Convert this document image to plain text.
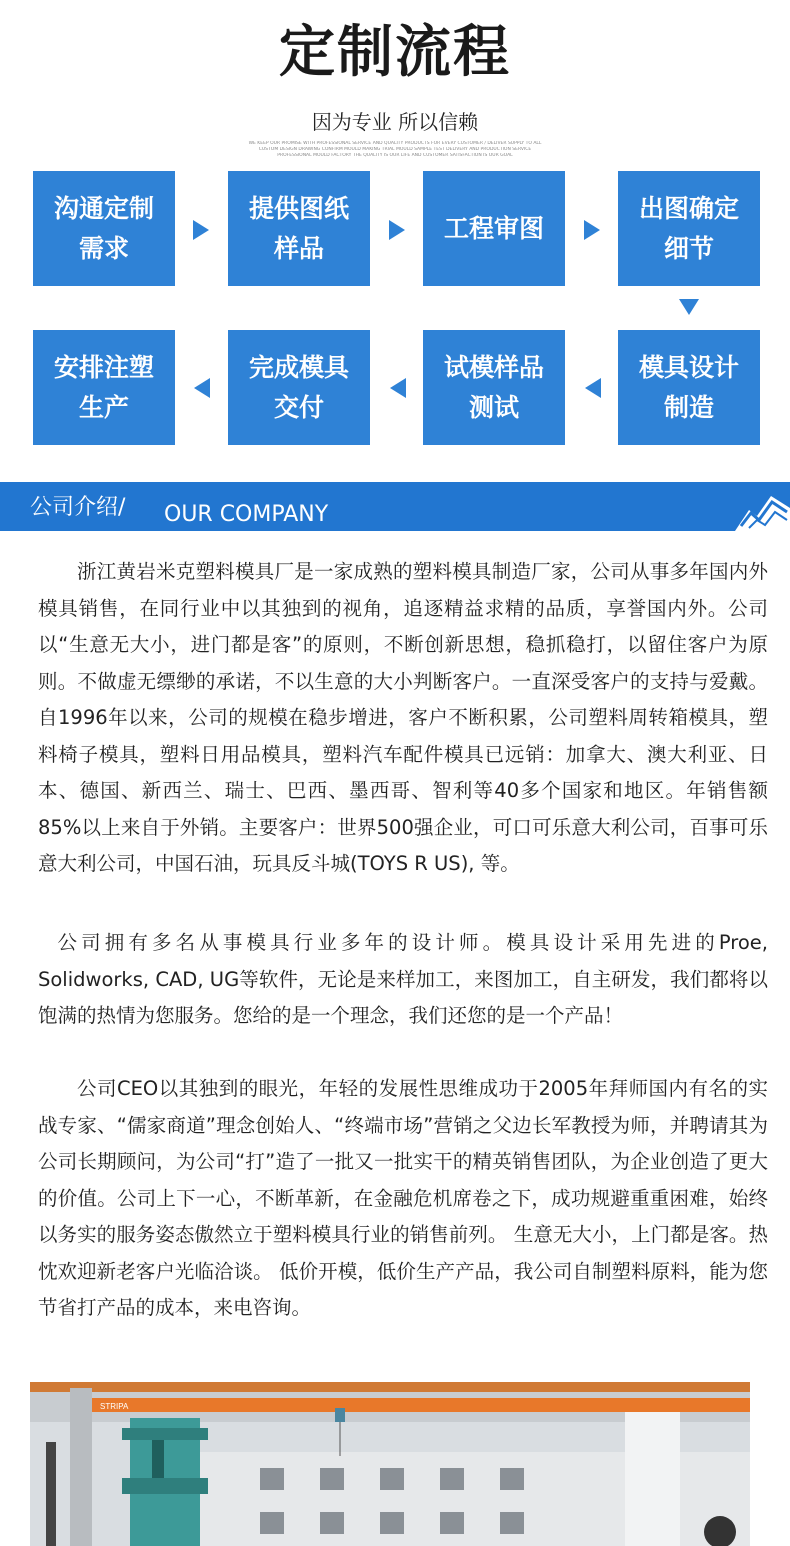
定制流程
因为专业 所以信赖
WE KEEP OUR PROMISE WITH PROFESSIONAL SERVICE AND QUALITY PRODUCTS FOR EVERY CUSTOMER / DELIVER SUPPLY TO ALL
CUSTOM DESIGN DRAWING CONFIRM MOULD MAKING TRIAL MOULD SAMPLE TEST DELIVERY AND PRODUCTION SERVICE
PROFESSIONAL MOULD FACTORY THE QUALITY IS OUR LIFE AND CUSTOMER SATISFACTION IS OUR GOAL
沟通定制需求
提供图纸样品
工程审图
出图确定细节
模具设计制造
试模样品测试
完成模具交付
安排注塑生产
公司介绍/ OUR COMPANY
浙江黄岩米克塑料模具厂是一家成熟的塑料模具制造厂家，公司从事多年国内外模具销售，在同行业中以其独到的视角，追逐精益求精的品质，享誉国内外。公司以“生意无大小，进门都是客”的原则，不断创新思想，稳抓稳打，以留住客户为原则。不做虚无缥缈的承诺，不以生意的大小判断客户。一直深受客户的支持与爱戴。自1996年以来，公司的规模在稳步增进，客户不断积累，公司塑料周转箱模具，塑料椅子模具，塑料日用品模具，塑料汽车配件模具已远销：加拿大、澳大利亚、日本、德国、新西兰、瑞士、巴西、墨西哥、智利等40多个国家和地区。年销售额85%以上来自于外销。主要客户：世界500强企业，可口可乐意大利公司，百事可乐意大利公司，中国石油，玩具反斗城(TOYS R US), 等。
公司拥有多名从事模具行业多年的设计师。模具设计采用先进的Proe, Solidworks, CAD, UG等软件，无论是来样加工，来图加工，自主研发，我们都将以饱满的热情为您服务。您给的是一个理念，我们还您的是一个产品！
公司CEO以其独到的眼光，年轻的发展性思维成功于2005年拜师国内有名的实战专家、“儒家商道”理念创始人、“终端市场”营销之父边长军教授为师，并聘请其为公司长期顾问，为公司“打”造了一批又一批实干的精英销售团队，为企业创造了更大的价值。公司上下一心，不断革新，在金融危机席卷之下，成功规避重重困难，始终以务实的服务姿态傲然立于塑料模具行业的销售前列。 生意无大小，上门都是客。热忱欢迎新老客户光临洽谈。 低价开模，低价生产产品，我公司自制塑料原料，能为您节省打产品的成本，来电咨询。
STRIPA
